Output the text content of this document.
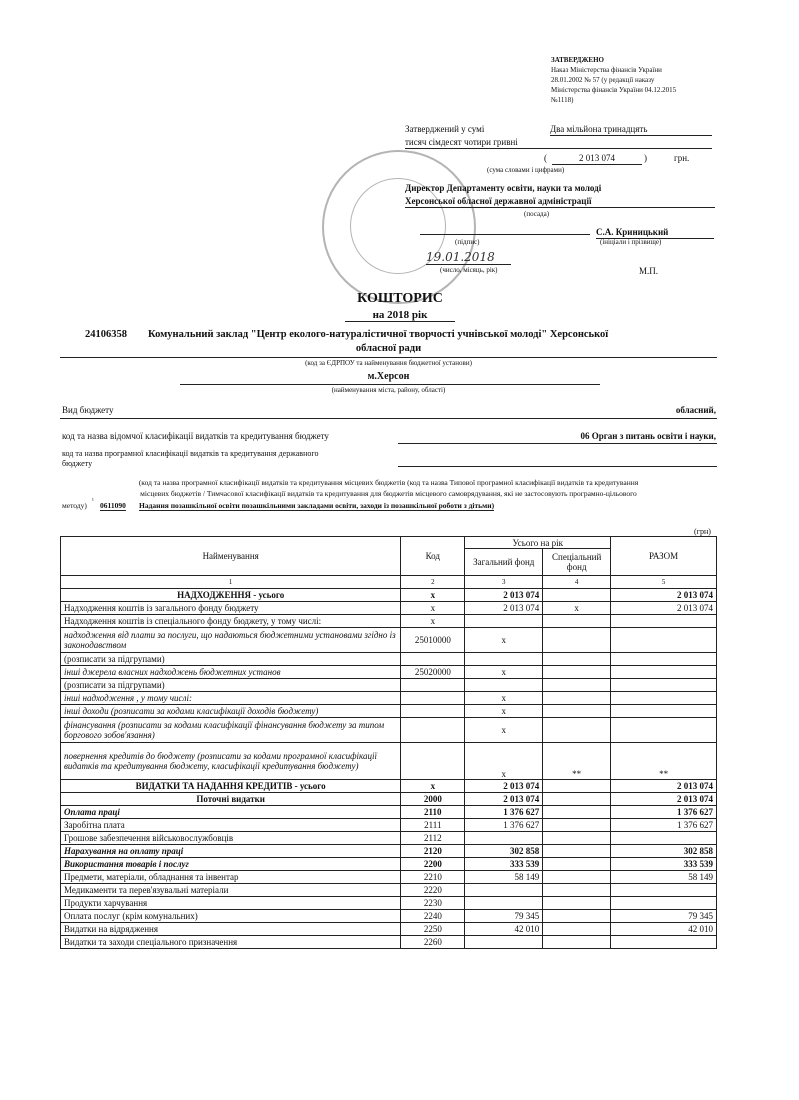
ЗАТВЕРДЖЕНО
Наказ Міністерства фінансів України
28.01.2002 № 57 (у редакції наказу
Міністерства фінансів України 04.12.2015
№1118)
Затверджений у сумі	Два мільйона тринадцять
тисяч сімдесят чотири гривні
(	2 013 074	)	грн.
(сума словами і цифрами)
Директор Департаменту освіти, науки та молоді
Херсонської обласної державної адміністрації
(посада)
С.А. Криницький
(підпис)	(ініціали і прізвище)
19.01.2018
(число, місяць, рік)	М.П.
КОШТОРИС
на 2018 рік
24106358 Комунальний заклад "Центр еколого-натуралістичної творчості учнівської молоді" Херсонської
обласної ради
(код за ЄДРПОУ та найменування бюджетної установи)
м.Херсон
(найменування міста, району, області)
Вид бюджету	обласний,
код та назва відомчої класифікації видатків та кредитування бюджету	06 Орган з питань освіти і науки,
код та назва програмної класифікації видатків та кредитування державного
бюджету
(код та назва програмної класифікації видатків та кредитування місцевих бюджетів (код та назва Типової програмної класифікації видатків та кредитування
місцевих бюджетів / Тимчасової класифікації видатків та кредитування для бюджетів місцевого самоврядування, які не застосовують програмно-цільового
методу) ¹ 0611090 Надання позашкільної освіти позашкільними закладами освіти, заходи із позашкільної роботи з дітьми)
(грн)
Найменування	Код	Усього на рік		РАЗОМ
		Загальний фонд	Спеціальний фонд	
1	2	3	4	5
НАДХОДЖЕННЯ - усього	х	2 013 074		2 013 074
Надходження коштів із загального фонду бюджету	х	2 013 074	х	2 013 074
Надходження коштів із спеціального фонду бюджету, у тому числі:	х			
надходження від плати за послуги, що надаються бюджетними установами згідно із законодавством	25010000	х		
(розписати за підгрупами)				
інші джерела власних надходжень бюджетних установ	25020000	х		
(розписати за підгрупами)				
інші надходження , у тому числі:		х		
інші доходи (розписати за кодами класифікації доходів бюджету)		х		
фінансування (розписати за кодами класифікації фінансування бюджету за типом боргового зобов'язання)		х		
повернення кредитів до бюджету (розписати за кодами програмної класифікації видатків та кредитування бюджету, класифікації кредитування бюджету)		х	**	**
ВИДАТКИ ТА НАДАННЯ КРЕДИТІВ - усього	х	2 013 074		2 013 074
Поточні видатки	2000	2 013 074		2 013 074
Оплата праці	2110	1 376 627		1 376 627
Заробітна плата	2111	1 376 627		1 376 627
Грошове забезпечення військовослужбовців	2112			
Нарахування на оплату праці	2120	302 858		302 858
Використання товарів і послуг	2200	333 539		333 539
Предмети, матеріали, обладнання та інвентар	2210	58 149		58 149
Медикаменти та перев'язувальні матеріали	2220			
Продукти харчування	2230			
Оплата послуг (крім комунальних)	2240	79 345		79 345
Видатки на відрядження	2250	42 010		42 010
Видатки та заходи спеціального призначення	2260			
